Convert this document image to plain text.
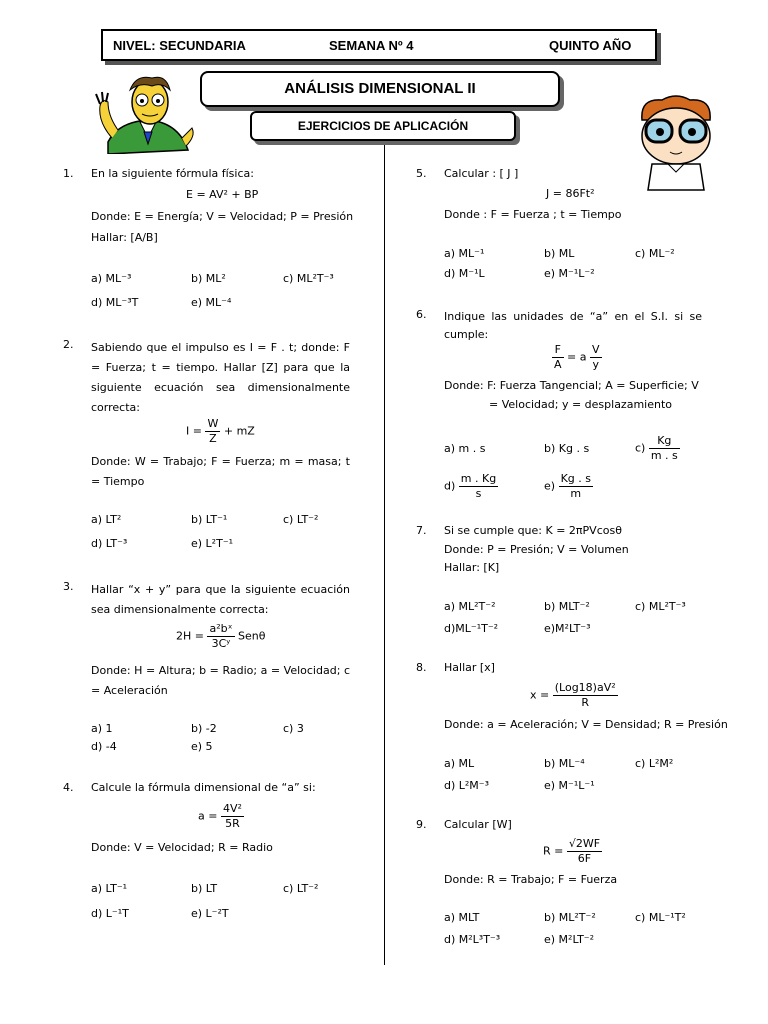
NIVEL: SECUNDARIA	SEMANA Nº 4	QUINTO AÑO
ANÁLISIS DIMENSIONAL II
EJERCICIOS DE APLICACIÓN
1. En la siguiente fórmula física:
E = AV² + BP
Donde: E = Energía; V = Velocidad; P = Presión
Hallar: [A/B]
a) ML⁻³	b) ML²	c) ML²T⁻³
d) ML⁻³T	e) ML⁻⁴
2. Sabiendo que el impulso es I = F . t; donde: F = Fuerza; t = tiempo. Hallar [Z] para que la siguiente ecuación sea dimensionalmente correcta:
$I = \frac{W}{Z}$ + mZ
Donde: W = Trabajo; F = Fuerza; m = masa; t = Tiempo
a) LT²	b) LT⁻¹	c) LT⁻²
d) LT⁻³	e) L²T⁻¹
3. Hallar “x + y” para que la siguiente ecuación sea dimensionalmente correcta:
$2H = \frac{\text{a²bˣ}}{\text{3Cʸ}}$ Senθ
Donde: H = Altura; b = Radio; a = Velocidad; c = Aceleración
a) 1	b) -2	c) 3
d) -4	e) 5
4. Calcule la fórmula dimensional de “a” si:
$a = \frac{\text{4V²}}{5R}$
Donde: V = Velocidad; R = Radio
a) LT⁻¹	b) LT	c) LT⁻²
d) L⁻¹T	e) L⁻²T
5. Calcular : [ J ]
J = 86Ft²
Donde : F = Fuerza ; t = Tiempo
a) ML⁻¹	b) ML	c) ML⁻²
d) M⁻¹L	e) M⁻¹L⁻²
6. Indique las unidades de “a” en el S.I. si se cumple:
$\frac{F}{A} = a \frac{V}{y}$
Donde: F: Fuerza Tangencial; A = Superficie; V
= Velocidad; y = desplazamiento
a) m . s	b) Kg . s	$c) \frac{Kg}{m . s}$
$d) \frac{m . Kg}{s}$	$e) \frac{Kg . s}{m}$
7. Si se cumple que: K = 2πPVcosθ
Donde: P = Presión; V = Volumen
Hallar: [K]
a) ML²T⁻²	b) MLT⁻²	c) ML²T⁻³
d)ML⁻¹T⁻²	e)M²LT⁻³
8. Hallar [x]
$x = \frac{\text{(Log18)aV²}}{R}$
Donde: a = Aceleración; V = Densidad; R = Presión
a) ML	b) ML⁻⁴	c) L²M²
d) L²M⁻³	e) M⁻¹L⁻¹
9. Calcular [W]
$R = \frac{√2WF}{6F}$
Donde: R = Trabajo; F = Fuerza
a) MLT	b) ML²T⁻²	c) ML⁻¹T²
d) M²L³T⁻³	e) M²LT⁻²
